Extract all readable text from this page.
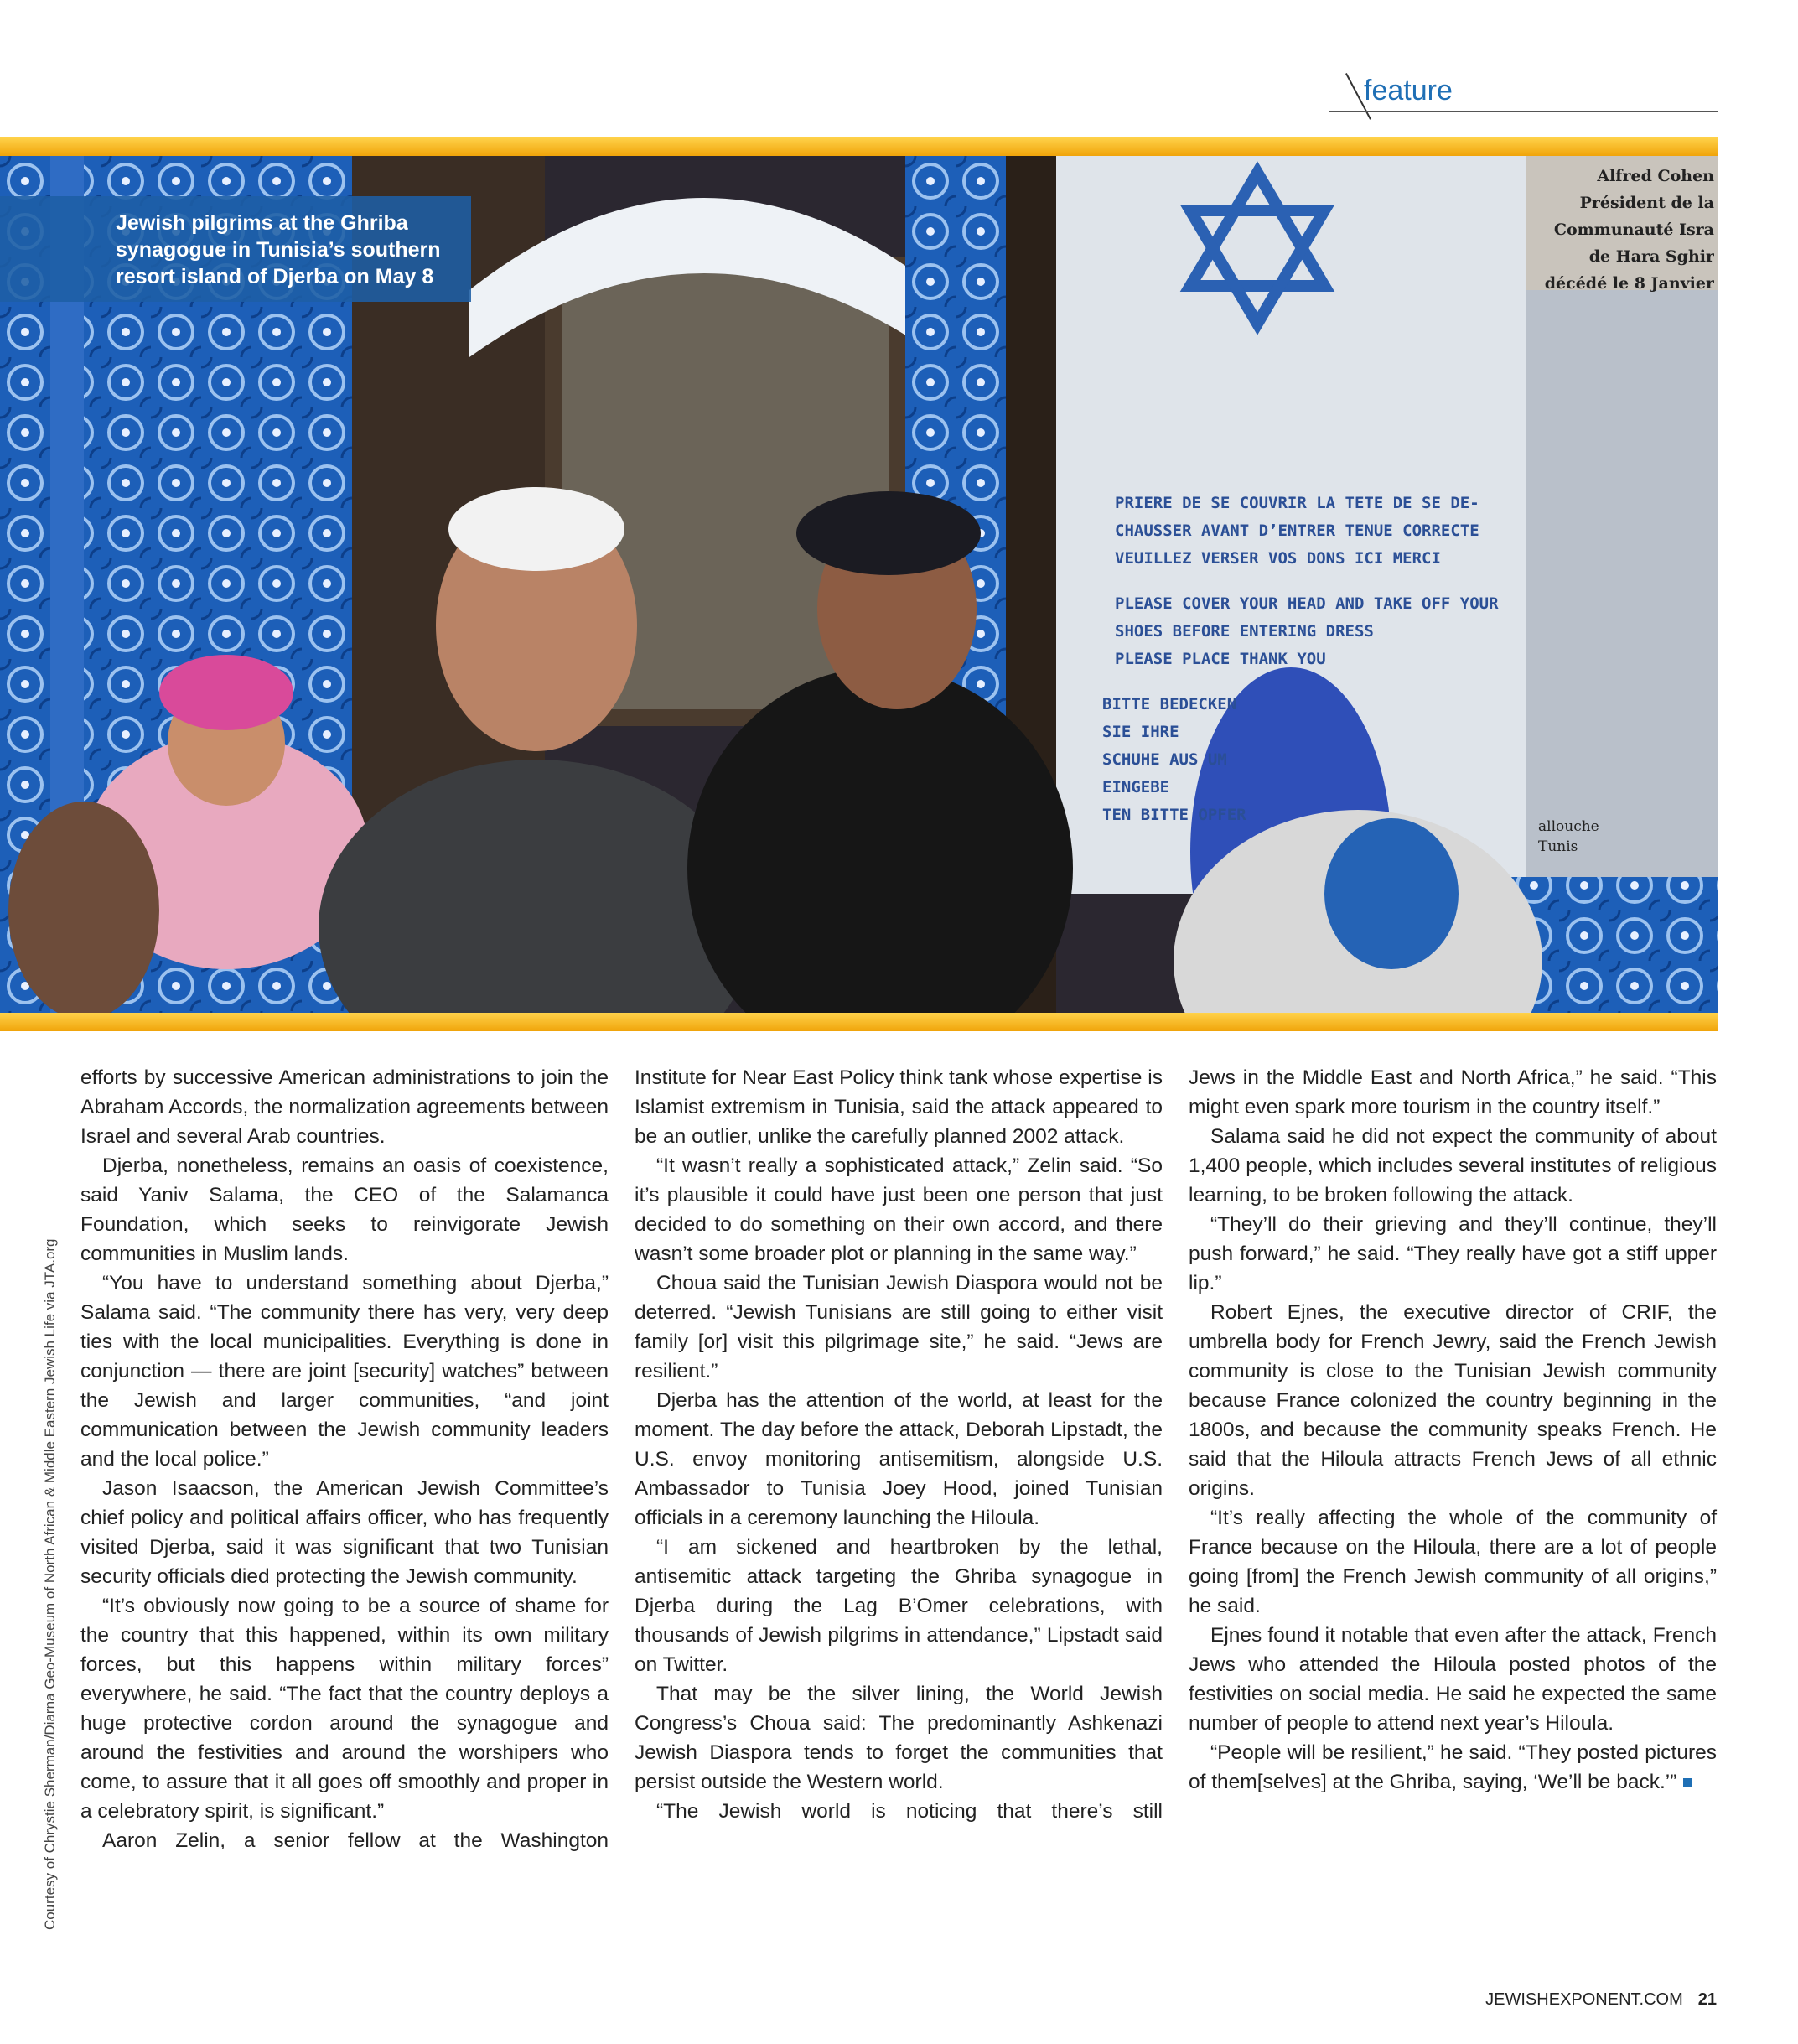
feature
PRIERE DE SE COUVRIR LA TETE DE SE DE-
CHAUSSER AVANT D’ENTRER TENUE CORRECTE
VEUILLEZ VERSER VOS DONS ICI MERCI
PLEASE COVER YOUR HEAD AND TAKE OFF YOUR
SHOES BEFORE ENTERING DRESS
PLEASE PLACE THANK YOU
BITTE BEDECKEN SIE IHRE
SCHUHE AUS UM EINGEBE
TEN BITTE OPFER
Alfred Cohen
Président de la
Communauté Isra
de Hara Sghir
décédé le 8 Janvier
allouche
Tunis
Jewish pilgrims at the Ghriba synagogue in Tunisia’s southern resort island of Djerba on May 8
Courtesy of Chrystie Sherman/Diarna Geo-Museum of North African & Middle Eastern Jewish Life via JTA.org

efforts by successive American administrations to join the Abraham Accords, the normalization agreements between Israel and several Arab countries.

Djerba, nonetheless, remains an oasis of coexistence, said Yaniv Salama, the CEO of the Salamanca Foundation, which seeks to reinvigorate Jewish communities in Muslim lands.

“You have to understand something about Djerba,” Salama said. “The community there has very, very deep ties with the local municipalities. Everything is done in conjunction — there are joint [security] watches” between the Jewish and larger communities, “and joint communication between the Jewish community leaders and the local police.”

Jason Isaacson, the American Jewish Committee’s chief policy and political affairs officer, who has frequently visited Djerba, said it was significant that two Tunisian security officials died protecting the Jewish community.

“It’s obviously now going to be a source of shame for the country that this happened, within its own military forces, but this happens within military forces” everywhere, he said. “The fact that the country deploys a huge protective cordon around the synagogue and around the festivities and around the worshipers who come, to assure that it all goes off smoothly and proper in a celebratory spirit, is significant.”

Aaron Zelin, a senior fellow at the Washington

Institute for Near East Policy think tank whose expertise is Islamist extremism in Tunisia, said the attack appeared to be an outlier, unlike the carefully planned 2002 attack.

“It wasn’t really a sophisticated attack,” Zelin said. “So it’s plausible it could have just been one person that just decided to do something on their own accord, and there wasn’t some broader plot or planning in the same way.”

Choua said the Tunisian Jewish Diaspora would not be deterred. “Jewish Tunisians are still going to either visit family [or] visit this pilgrimage site,” he said. “Jews are resilient.”

Djerba has the attention of the world, at least for the moment. The day before the attack, Deborah Lipstadt, the U.S. envoy monitoring antisemitism, alongside U.S. Ambassador to Tunisia Joey Hood, joined Tunisian officials in a ceremony launching the Hiloula.

“I am sickened and heartbroken by the lethal, antisemitic attack targeting the Ghriba synagogue in Djerba during the Lag B’Omer celebrations, with thousands of Jewish pilgrims in attendance,” Lipstadt said on Twitter.

That may be the silver lining, the World Jewish Congress’s Choua said: The predominantly Ashkenazi Jewish Diaspora tends to forget the communities that persist outside the Western world.

“The Jewish world is noticing that there’s still

Jews in the Middle East and North Africa,” he said. “This might even spark more tourism in the country itself.”

Salama said he did not expect the community of about 1,400 people, which includes several institutes of religious learning, to be broken following the attack.

“They’ll do their grieving and they’ll continue, they’ll push forward,” he said. “They really have got a stiff upper lip.”

Robert Ejnes, the executive director of CRIF, the umbrella body for French Jewry, said the French Jewish community is close to the Tunisian Jewish community because France colonized the country beginning in the 1800s, and because the community speaks French. He said that the Hiloula attracts French Jews of all ethnic origins.

“It’s really affecting the whole of the community of France because on the Hiloula, there are a lot of people going [from] the French Jewish community of all origins,” he said.

Ejnes found it notable that even after the attack, French Jews who attended the Hiloula posted photos of the festivities on social media. He said he expected the same number of people to attend next year’s Hiloula.

“People will be resilient,” he said. “They posted pictures of them[selves] at the Ghriba, saying, ‘We’ll be back.’”

JEWISHEXPONENT.COM 21
